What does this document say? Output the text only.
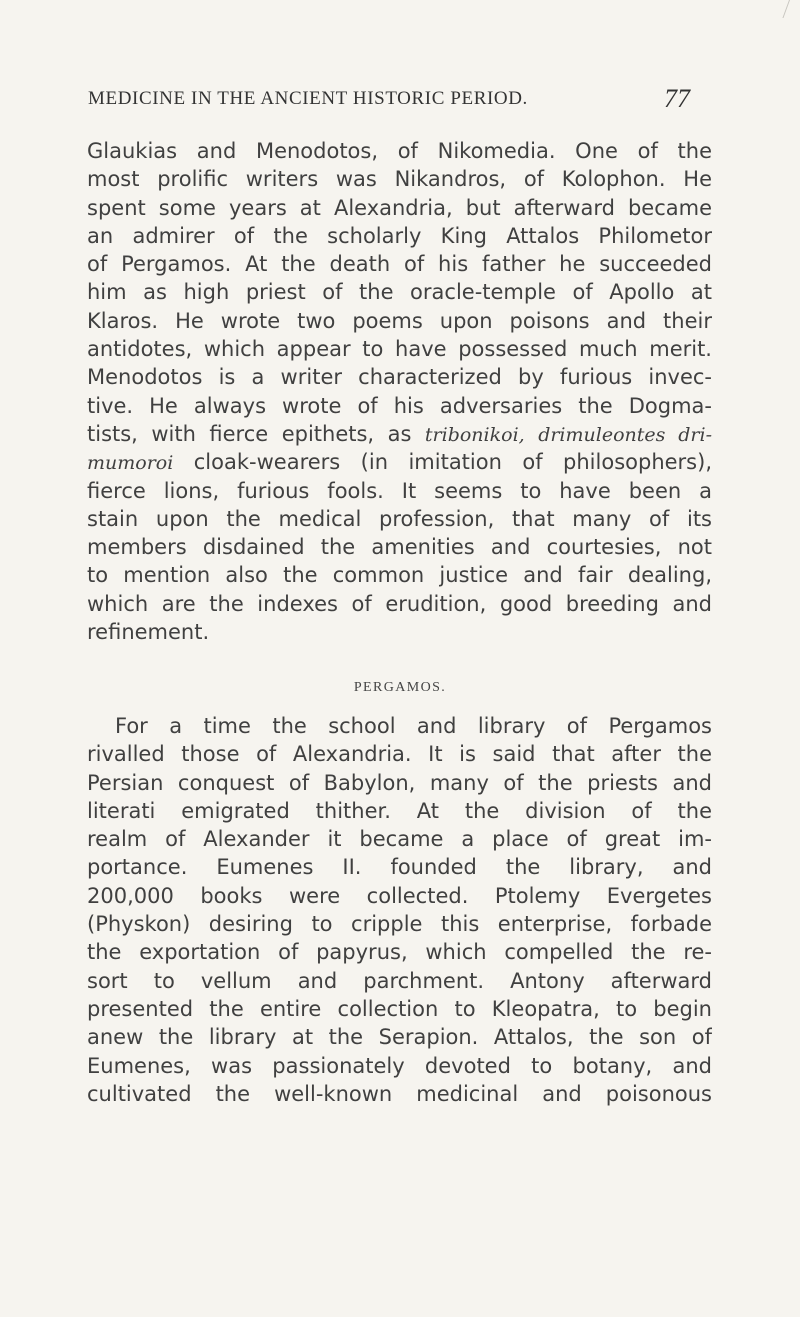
MEDICINE IN THE ANCIENT HISTORIC PERIOD.	77
Glaukias and Menodotos, of Nikomedia. One of the
most prolific writers was Nikandros, of Kolophon. He
spent some years at Alexandria, but afterward became
an admirer of the scholarly King Attalos Philometor
of Pergamos. At the death of his father he succeeded
him as high priest of the oracle-temple of Apollo at
Klaros. He wrote two poems upon poisons and their
antidotes, which appear to have possessed much merit.
Menodotos is a writer characterized by furious invec-
tive. He always wrote of his adversaries the Dogma-
tists, with fierce epithets, as tribonikoi, drimuleontes dri-
mumoroi cloak-wearers (in imitation of philosophers),
fierce lions, furious fools. It seems to have been a
stain upon the medical profession, that many of its
members disdained the amenities and courtesies, not
to mention also the common justice and fair dealing,
which are the indexes of erudition, good breeding and
refinement.
PERGAMOS.
For a time the school and library of Pergamos
rivalled those of Alexandria. It is said that after the
Persian conquest of Babylon, many of the priests and
literati emigrated thither. At the division of the
realm of Alexander it became a place of great im-
portance. Eumenes II. founded the library, and
200,000 books were collected. Ptolemy Evergetes
(Physkon) desiring to cripple this enterprise, forbade
the exportation of papyrus, which compelled the re-
sort to vellum and parchment. Antony afterward
presented the entire collection to Kleopatra, to begin
anew the library at the Serapion. Attalos, the son of
Eumenes, was passionately devoted to botany, and
cultivated the well-known medicinal and poisonous
